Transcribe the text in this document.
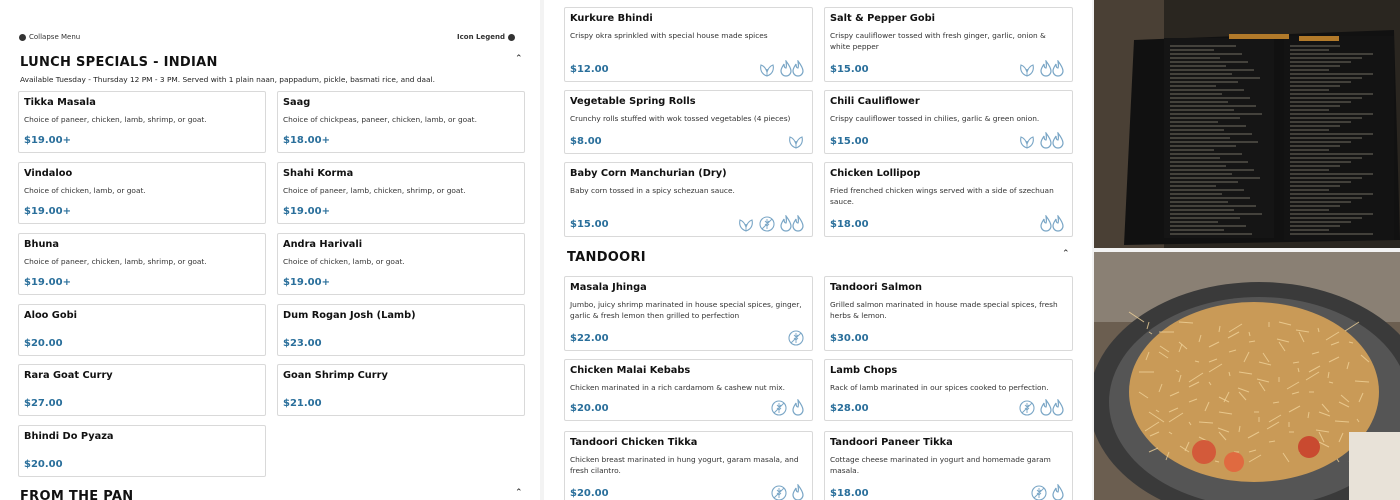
Collapse Menu	Icon Legend
LUNCH SPECIALS - INDIAN	⌃
Available Tuesday - Thursday 12 PM - 3 PM. Served with 1 plain naan, pappadum, pickle, basmati rice, and daal.
Tikka Masala
Choice of paneer, chicken, lamb, shrimp, or goat.
$19.00+
Saag
Choice of chickpeas, paneer, chicken, lamb, or goat.
$18.00+
Vindaloo
Choice of chicken, lamb, or goat.
$19.00+
Shahi Korma
Choice of paneer, lamb, chicken, shrimp, or goat.
$19.00+
Bhuna
Choice of paneer, chicken, lamb, shrimp, or goat.
$19.00+
Andra Harivali
Choice of chicken, lamb, or goat.
$19.00+
Aloo Gobi
$20.00
Dum Rogan Josh (Lamb)
$23.00
Rara Goat Curry
$27.00
Goan Shrimp Curry
$21.00
Bhindi Do Pyaza
$20.00
FROM THE PAN	⌃
Kurkure Bhindi
Crispy okra sprinkled with special house made spices
$12.00
Salt & Pepper Gobi
Crispy cauliflower tossed with fresh ginger, garlic, onion & white pepper
$15.00
Vegetable Spring Rolls
Crunchy rolls stuffed with wok tossed vegetables (4 pieces)
$8.00
Chili Cauliflower
Crispy cauliflower tossed in chilies, garlic & green onion.
$15.00
Baby Corn Manchurian (Dry)
Baby corn tossed in a spicy schezuan sauce.
$15.00
Chicken Lollipop
Fried frenched chicken wings served with a side of szechuan sauce.
$18.00
TANDOORI	⌃
Masala Jhinga
Jumbo, juicy shrimp marinated in house special spices, ginger, garlic & fresh lemon then grilled to perfection
$22.00
Tandoori Salmon
Grilled salmon marinated in house made special spices, fresh herbs & lemon.
$30.00
Chicken Malai Kebabs
Chicken marinated in a rich cardamom & cashew nut mix.
$20.00
Lamb Chops
Rack of lamb marinated in our spices cooked to perfection.
$28.00
Tandoori Chicken Tikka
Chicken breast marinated in hung yogurt, garam masala, and fresh cilantro.
$20.00
Tandoori Paneer Tikka
Cottage cheese marinated in yogurt and homemade garam masala.
$18.00
